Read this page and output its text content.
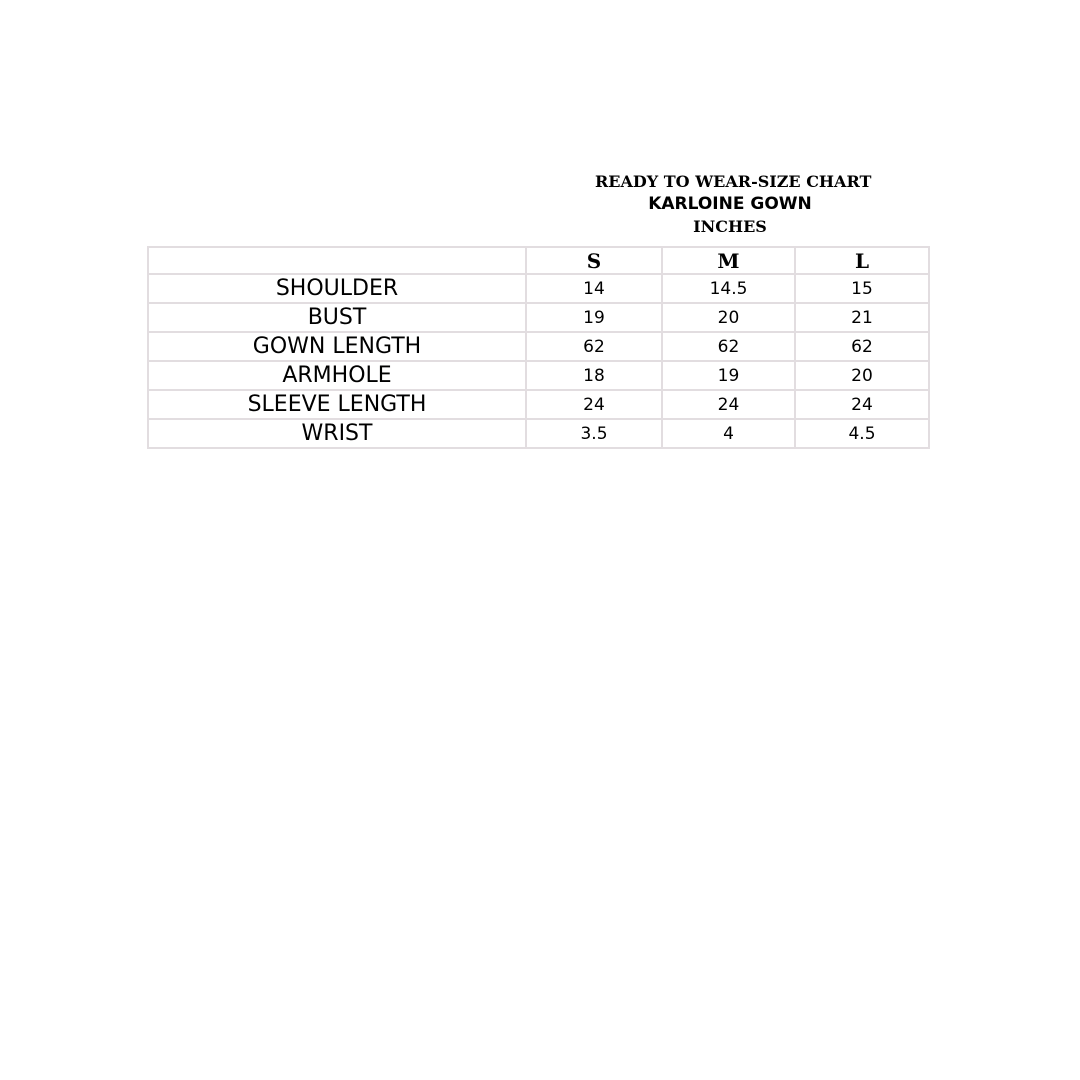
READY TO WEAR-SIZE CHART
KARLOINE GOWN
INCHES
	S	M	L
SHOULDER	14	14.5	15
BUST	19	20	21
GOWN LENGTH	62	62	62
ARMHOLE	18	19	20
SLEEVE LENGTH	24	24	24
WRIST	3.5	4	4.5
